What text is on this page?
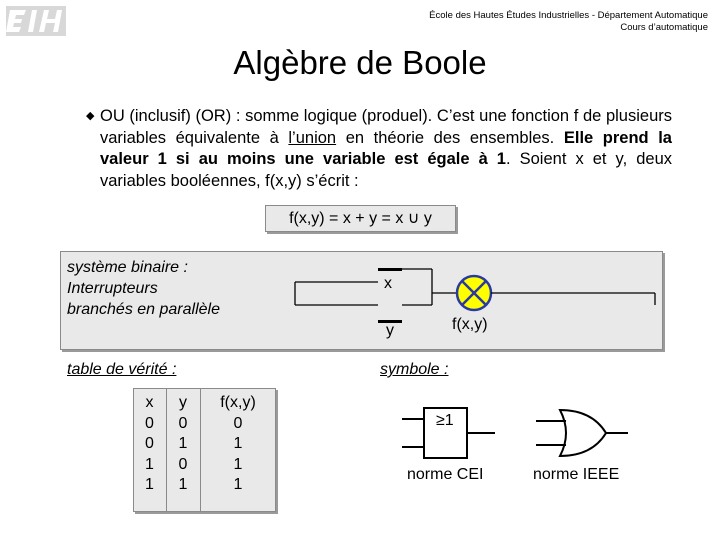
École des Hautes Études Industrielles - Département Automatique
Cours d’automatique
Algèbre de Boole
◆ OU (inclusif) (OR) : somme logique (produel). C’est une fonction f de plusieurs variables équivalente à l’union en théorie des ensembles. Elle prend la valeur 1 si au moins une variable est égale à 1. Soient x et y, deux variables booléennes, f(x,y) s’écrit :
f(x,y) = x + y = x ∪ y
système binaire :
Interrupteurs
branchés en parallèle
x
y	f(x,y)
table de vérité :
x
0
0
1
1
y
0
1
0
1
f(x,y)
0
1
1
1
symbole :
≥1
norme CEI	norme IEEE
